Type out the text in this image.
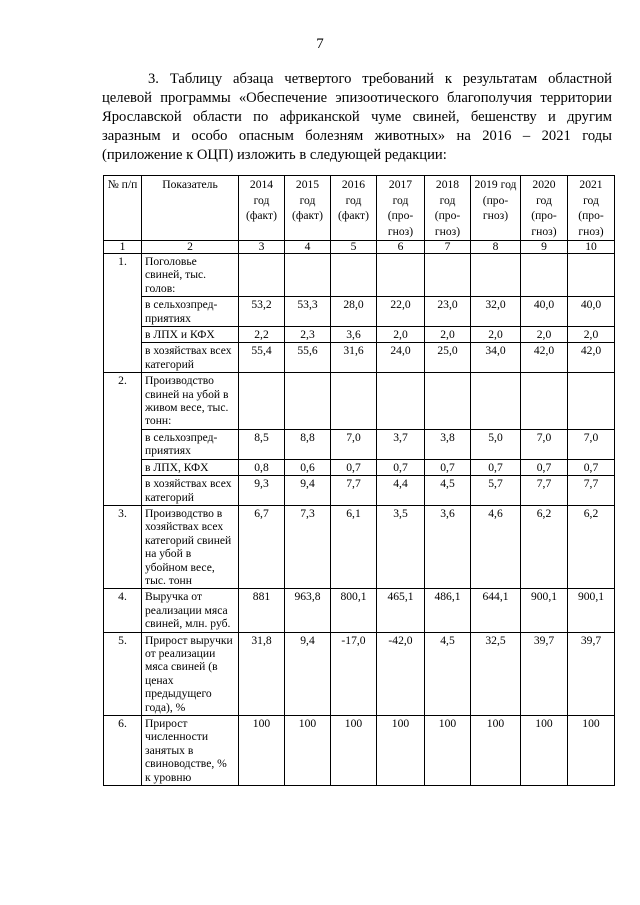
7

3. Таблицу абзаца четвертого требований к результатам областной целевой программы «Обеспечение эпизоотического благополучия территории Ярославской области по африканской чуме свиней, бешенству и другим заразным и особо опасным болезням животных» на 2016 – 2021 годы (приложение к ОЦП) изложить в следующей редакции:

№ п/п	Показатель	2014 год (факт)	2015 год (факт)	2016 год (факт)	2017 год (про-гноз)	2018 год (про-гноз)	2019 год (про-гноз)	2020 год (про-гноз)	2021 год (про-гноз)
1	2	3	4	5	6	7	8	9	10
1.	Поголовье свиней, тыс. голов:								
	в сельхозпред-приятиях	53,2	53,3	28,0	22,0	23,0	32,0	40,0	40,0
	в ЛПХ и КФХ	2,2	2,3	3,6	2,0	2,0	2,0	2,0	2,0
	в хозяйствах всех категорий	55,4	55,6	31,6	24,0	25,0	34,0	42,0	42,0
2.	Производство свиней на убой в живом весе, тыс. тонн:								
	в сельхозпред-приятиях	8,5	8,8	7,0	3,7	3,8	5,0	7,0	7,0
	в ЛПХ, КФХ	0,8	0,6	0,7	0,7	0,7	0,7	0,7	0,7
	в хозяйствах всех категорий	9,3	9,4	7,7	4,4	4,5	5,7	7,7	7,7
3.	Производство в хозяйствах всех категорий свиней на убой в убойном весе, тыс. тонн	6,7	7,3	6,1	3,5	3,6	4,6	6,2	6,2
4.	Выручка от реализации мяса свиней, млн. руб.	881	963,8	800,1	465,1	486,1	644,1	900,1	900,1
5.	Прирост выручки от реализации мяса свиней (в ценах предыдущего года), %	31,8	9,4	-17,0	-42,0	4,5	32,5	39,7	39,7
6.	Прирост численности занятых в свиноводстве, % к уровню	100	100	100	100	100	100	100	100
